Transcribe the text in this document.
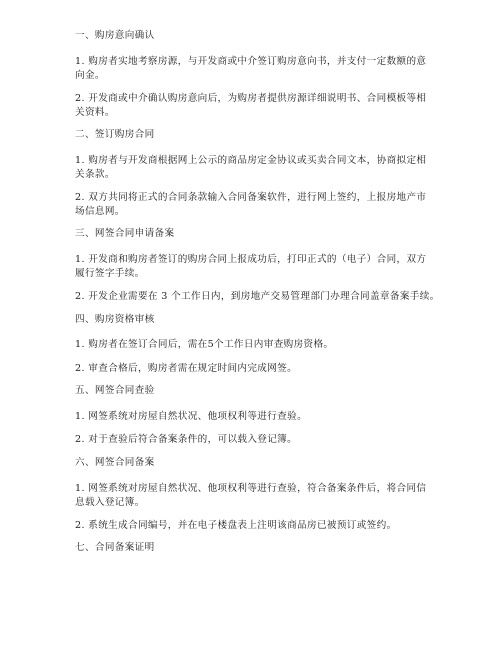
一、购房意向确认
1. 购房者实地考察房源，与开发商或中介签订购房意向书，并支付一定数额的意
向金。
2. 开发商或中介确认购房意向后，为购房者提供房源详细说明书、合同模板等相
关资料。
二、签订购房合同
1. 购房者与开发商根据网上公示的商品房定金协议或买卖合同文本，协商拟定相
关条款。
2. 双方共同将正式的合同条款输入合同备案软件，进行网上签约，上报房地产市
场信息网。
三、网签合同申请备案
1. 开发商和购房者签订的购房合同上报成功后，打印正式的（电子）合同，双方
履行签字手续。
2. 开发企业需要在 3 个工作日内，到房地产交易管理部门办理合同盖章备案手续。
四、购房资格审核
1. 购房者在签订合同后，需在5个工作日内审查购房资格。
2. 审查合格后，购房者需在规定时间内完成网签。
五、网签合同查验
1. 网签系统对房屋自然状况、他项权利等进行查验。
2. 对于查验后符合备案条件的，可以载入登记簿。
六、网签合同备案
1. 网签系统对房屋自然状况、他项权利等进行查验，符合备案条件后，将合同信
息载入登记簿。
2. 系统生成合同编号，并在电子楼盘表上注明该商品房已被预订或签约。
七、合同备案证明
